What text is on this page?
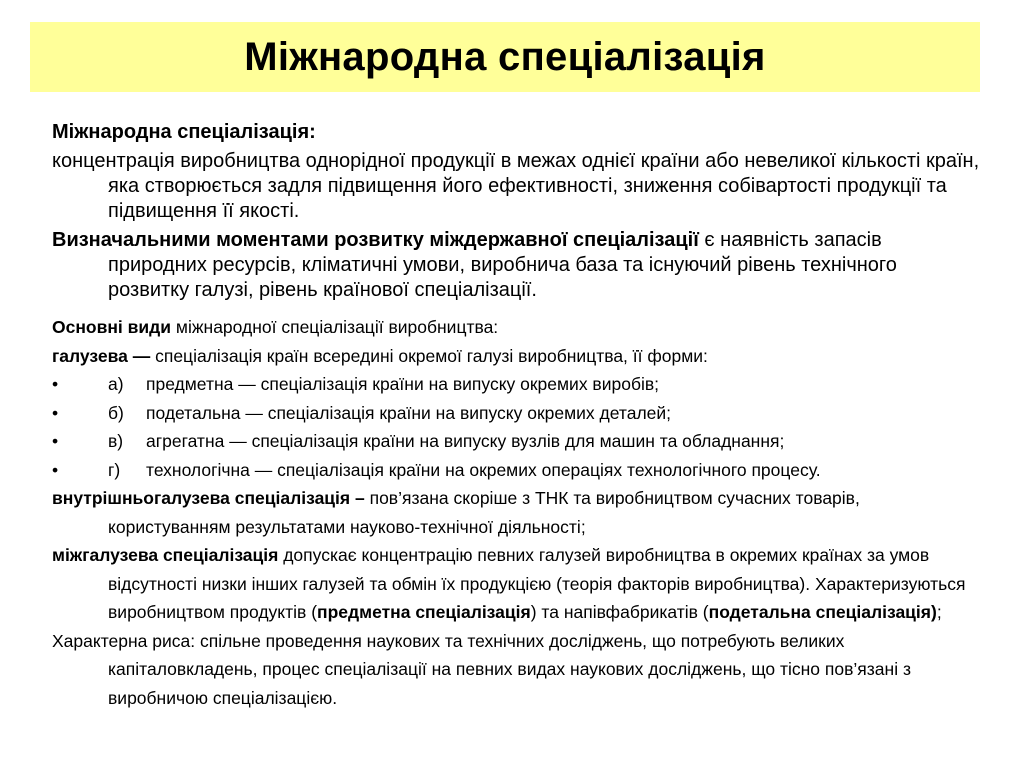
Міжнародна спеціалізація

Міжнародна спеціалізація:

концентрація виробництва однорідної продукції в межах однієї країни або невеликої кількості країн, яка створюється задля підвищення його ефективності, зниження собівартості продукції та підвищення її якості.

Визначальними моментами розвитку міждержавної спеціалізації є наявність запасів природних ресурсів, кліматичні умови, виробнича база та існуючий рівень технічного розвитку галузі, рівень країнової спеціалізації.

Основні види міжнародної спеціалізації виробництва:

галузева — спеціалізація країн всередині окремої галузі виробництва, її форми:

•	а)	предметна — спеціалізація країни на випуску окремих виробів;
•	б)	подетальна — спеціалізація країни на випуску окремих деталей;
•	в)	агрегатна — спеціалізація країни на випуску вузлів для машин та обладнання;
•	г)	технологічна — спеціалізація країни на окремих операціях технологічного процесу.

внутрішньогалузева спеціалізація – пов’язана скоріше з ТНК та виробництвом сучасних товарів, користуванням результатами науково-технічної діяльності;

міжгалузева спеціалізація допускає концентрацію певних галузей виробництва в окремих країнах за умов відсутності низки інших галузей та обмін їх продукцією (теорія факторів виробництва). Характеризуються виробництвом продуктів (предметна спеціалізація) та напівфабрикатів (подетальна спеціалізація);

Характерна риса: спільне проведення наукових та технічних досліджень, що потребують великих капіталовкладень, процес спеціалізації на певних видах наукових досліджень, що тісно пов’язані з виробничою спеціалізацією.
